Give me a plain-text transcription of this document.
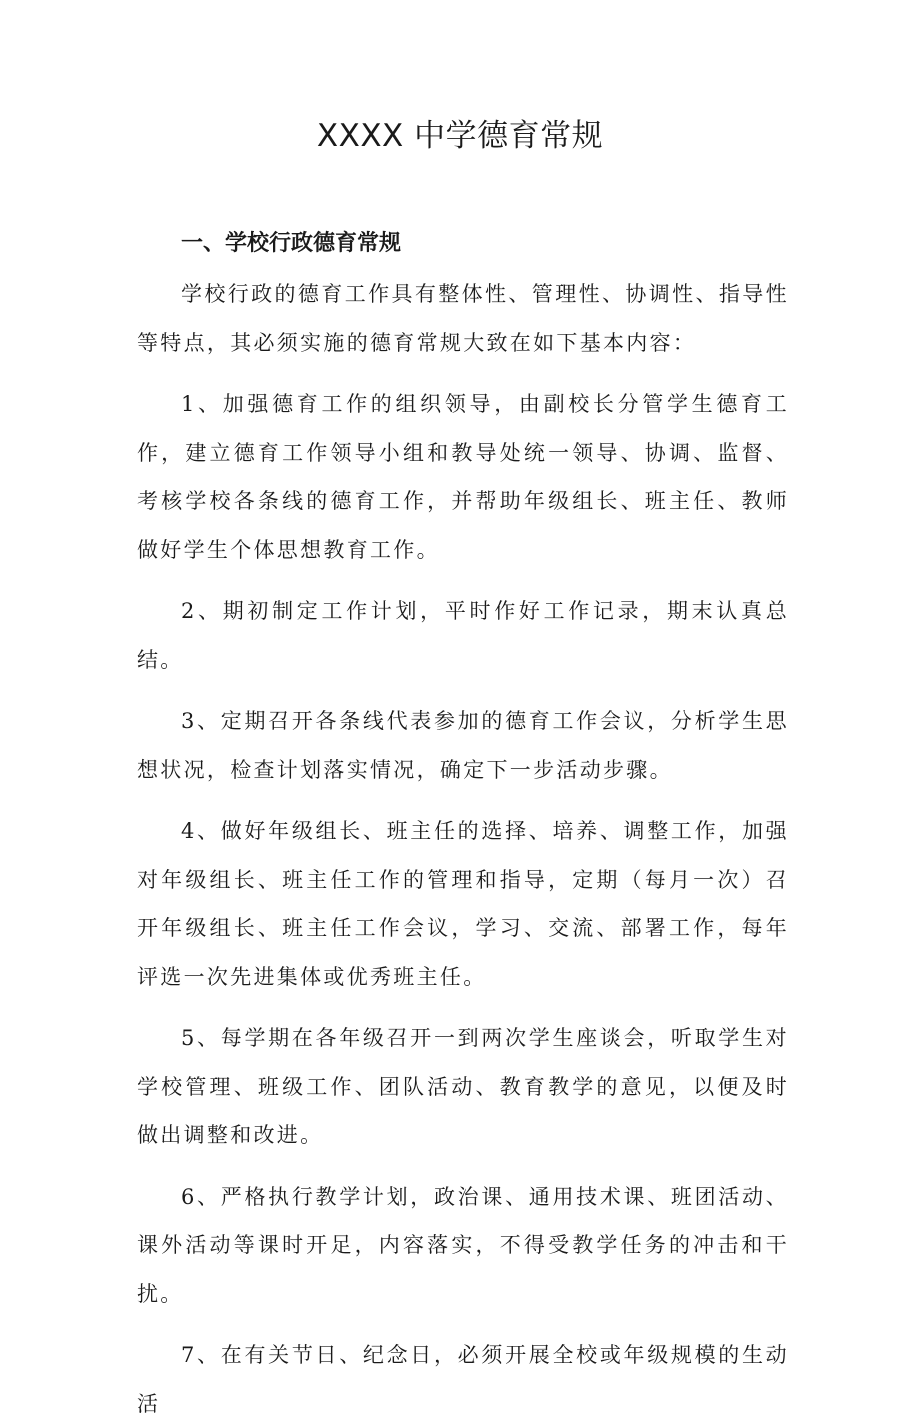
XXXX 中学德育常规
一、学校行政德育常规

学校行政的德育工作具有整体性、管理性、协调性、指导性等特点，其必须实施的德育常规大致在如下基本内容：

1、加强德育工作的组织领导，由副校长分管学生德育工作，建立德育工作领导小组和教导处统一领导、协调、监督、考核学校各条线的德育工作，并帮助年级组长、班主任、教师做好学生个体思想教育工作。

2、期初制定工作计划，平时作好工作记录，期末认真总结。

3、定期召开各条线代表参加的德育工作会议，分析学生思想状况，检查计划落实情况，确定下一步活动步骤。

4、做好年级组长、班主任的选择、培养、调整工作，加强对年级组长、班主任工作的管理和指导，定期（每月一次）召开年级组长、班主任工作会议，学习、交流、部署工作，每年评选一次先进集体或优秀班主任。

5、每学期在各年级召开一到两次学生座谈会，听取学生对学校管理、班级工作、团队活动、教育教学的意见，以便及时做出调整和改进。

6、严格执行教学计划，政治课、通用技术课、班团活动、课外活动等课时开足，内容落实，不得受教学任务的冲击和干扰。

7、在有关节日、纪念日，必须开展全校或年级规模的生动活
